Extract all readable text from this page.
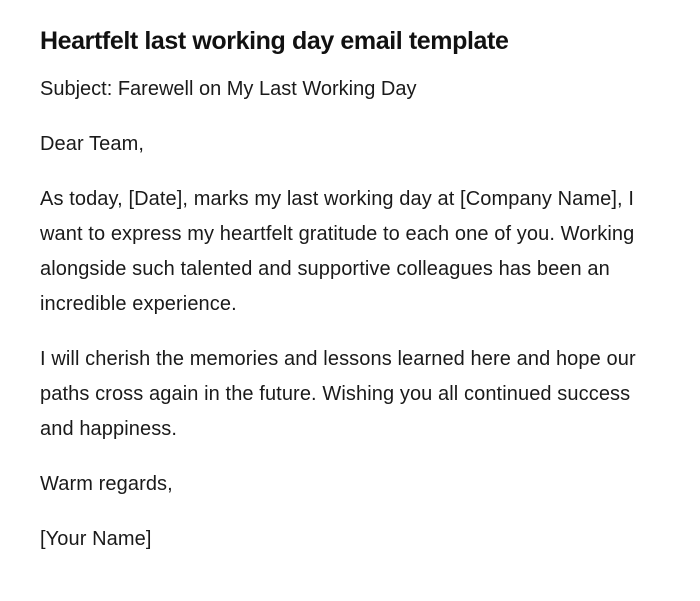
Heartfelt last working day email template

Subject: Farewell on My Last Working Day

Dear Team,

As today, [Date], marks my last working day at [Company Name], I want to express my heartfelt gratitude to each one of you. Working alongside such talented and supportive colleagues has been an incredible experience.

I will cherish the memories and lessons learned here and hope our paths cross again in the future. Wishing you all continued success and happiness.

Warm regards,

[Your Name]
